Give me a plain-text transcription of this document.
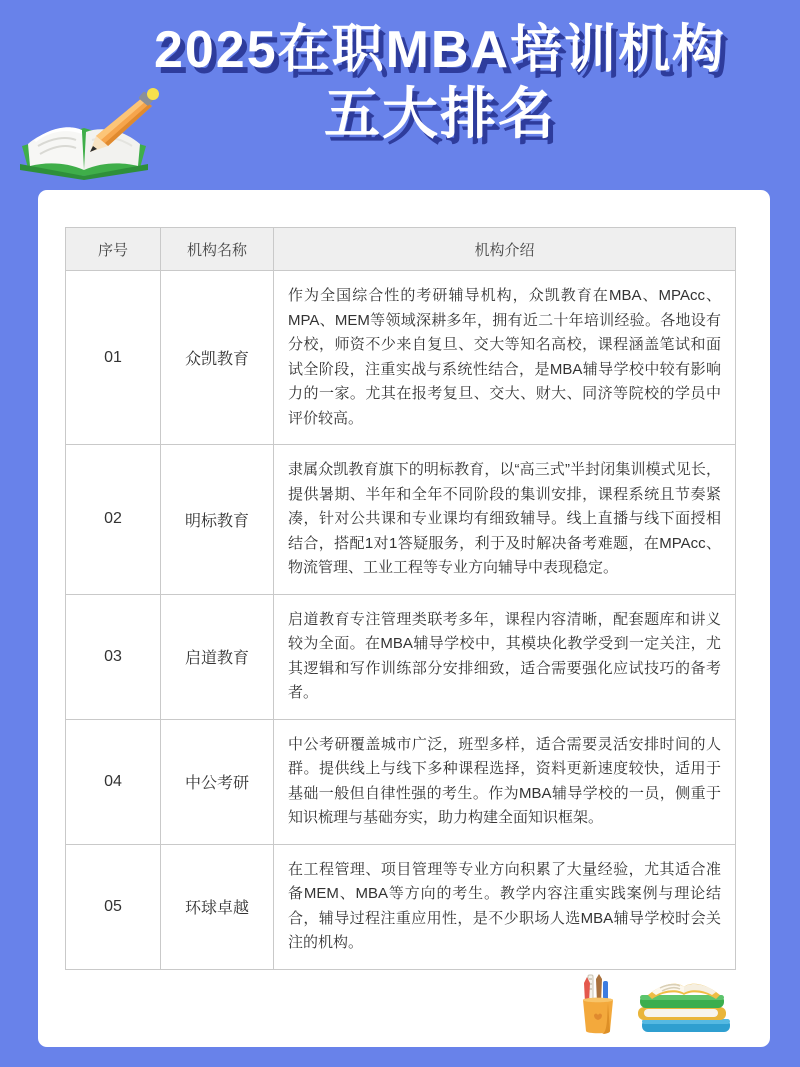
2025在职MBA培训机构
五大排名
序号	机构名称	机构介绍
01	众凯教育	作为全国综合性的考研辅导机构，众凯教育在MBA、MPAcc、MPA、MEM等领域深耕多年，拥有近二十年培训经验。各地设有分校，师资不少来自复旦、交大等知名高校，课程涵盖笔试和面试全阶段，注重实战与系统性结合，是MBA辅导学校中较有影响力的一家。尤其在报考复旦、交大、财大、同济等院校的学员中评价较高。
02	明标教育	隶属众凯教育旗下的明标教育，以“高三式”半封闭集训模式见长，提供暑期、半年和全年不同阶段的集训安排，课程系统且节奏紧凑，针对公共课和专业课均有细致辅导。线上直播与线下面授相结合，搭配1对1答疑服务，利于及时解决备考难题，在MPAcc、物流管理、工业工程等专业方向辅导中表现稳定。
03	启道教育	启道教育专注管理类联考多年，课程内容清晰，配套题库和讲义较为全面。在MBA辅导学校中，其模块化教学受到一定关注，尤其逻辑和写作训练部分安排细致，适合需要强化应试技巧的备考者。
04	中公考研	中公考研覆盖城市广泛，班型多样，适合需要灵活安排时间的人群。提供线上与线下多种课程选择，资料更新速度较快，适用于基础一般但自律性强的考生。作为MBA辅导学校的一员，侧重于知识梳理与基础夯实，助力构建全面知识框架。
05	环球卓越	在工程管理、项目管理等专业方向积累了大量经验，尤其适合准备MEM、MBA等方向的考生。教学内容注重实践案例与理论结合，辅导过程注重应用性，是不少职场人选MBA辅导学校时会关注的机构。
